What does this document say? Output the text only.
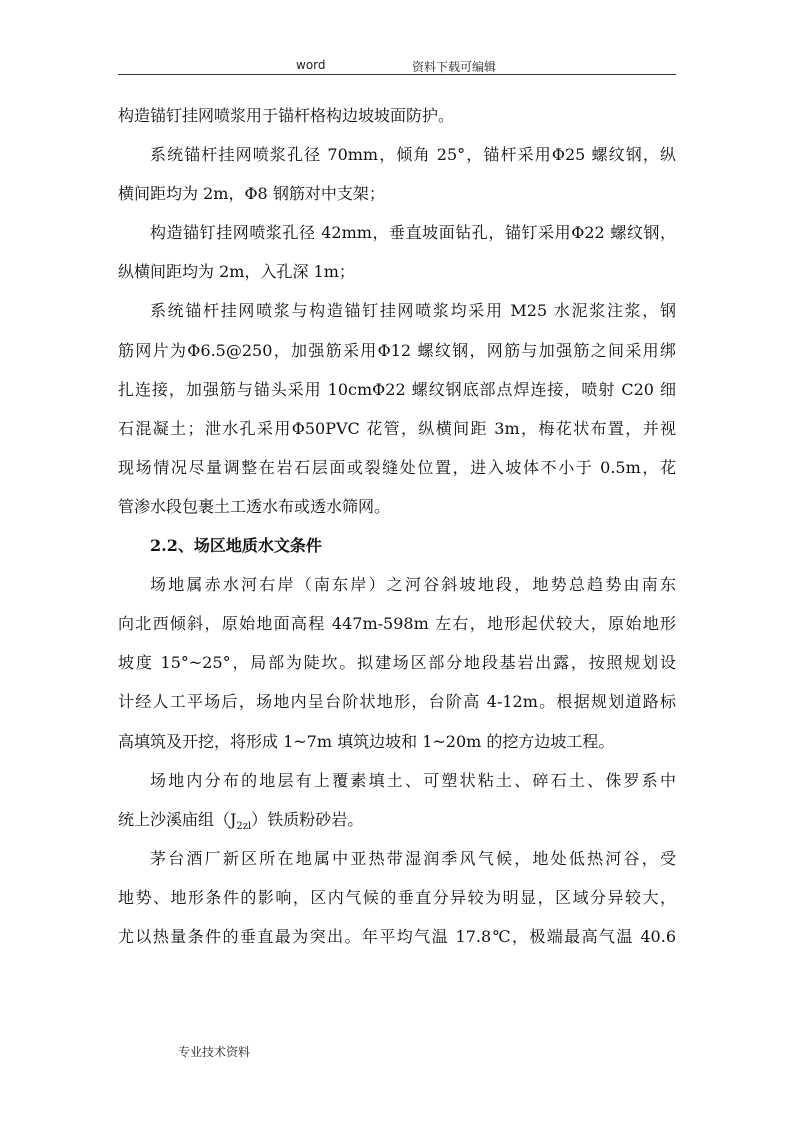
word	资料下载可编辑
构造锚钉挂网喷浆用于锚杆格构边坡坡面防护。
系统锚杆挂网喷浆孔径 70mm，倾角 25°，锚杆采用Φ25 螺纹钢，纵
横间距均为 2m，Φ8 钢筋对中支架；
构造锚钉挂网喷浆孔径 42mm，垂直坡面钻孔，锚钉采用Φ22 螺纹钢，
纵横间距均为 2m，入孔深 1m；
系统锚杆挂网喷浆与构造锚钉挂网喷浆均采用 M25 水泥浆注浆，钢
筋网片为Φ6.5@250，加强筋采用Φ12 螺纹钢，网筋与加强筋之间采用绑
扎连接，加强筋与锚头采用 10cmΦ22 螺纹钢底部点焊连接，喷射 C20 细
石混凝土；泄水孔采用Φ50PVC 花管，纵横间距 3m，梅花状布置，并视
现场情况尽量调整在岩石层面或裂缝处位置，进入坡体不小于 0.5m，花
管渗水段包裹土工透水布或透水筛网。
2.2、场区地质水文条件
场地属赤水河右岸（南东岸）之河谷斜坡地段，地势总趋势由南东
向北西倾斜，原始地面高程 447m-598m 左右，地形起伏较大，原始地形
坡度 15°~25°，局部为陡坎。拟建场区部分地段基岩出露，按照规划设
计经人工平场后，场地内呈台阶状地形，台阶高 4-12m。根据规划道路标
高填筑及开挖，将形成 1~7m 填筑边坡和 1~20m 的挖方边坡工程。
场地内分布的地层有上覆素填土、可塑状粘土、碎石土、侏罗系中
统上沙溪庙组$(J_{2zl})$铁质粉砂岩。
茅台酒厂新区所在地属中亚热带湿润季风气候，地处低热河谷，受
地势、地形条件的影响，区内气候的垂直分异较为明显，区域分异较大，
尤以热量条件的垂直最为突出。年平均气温 17.8℃，极端最高气温 40.6
专业技术资料
